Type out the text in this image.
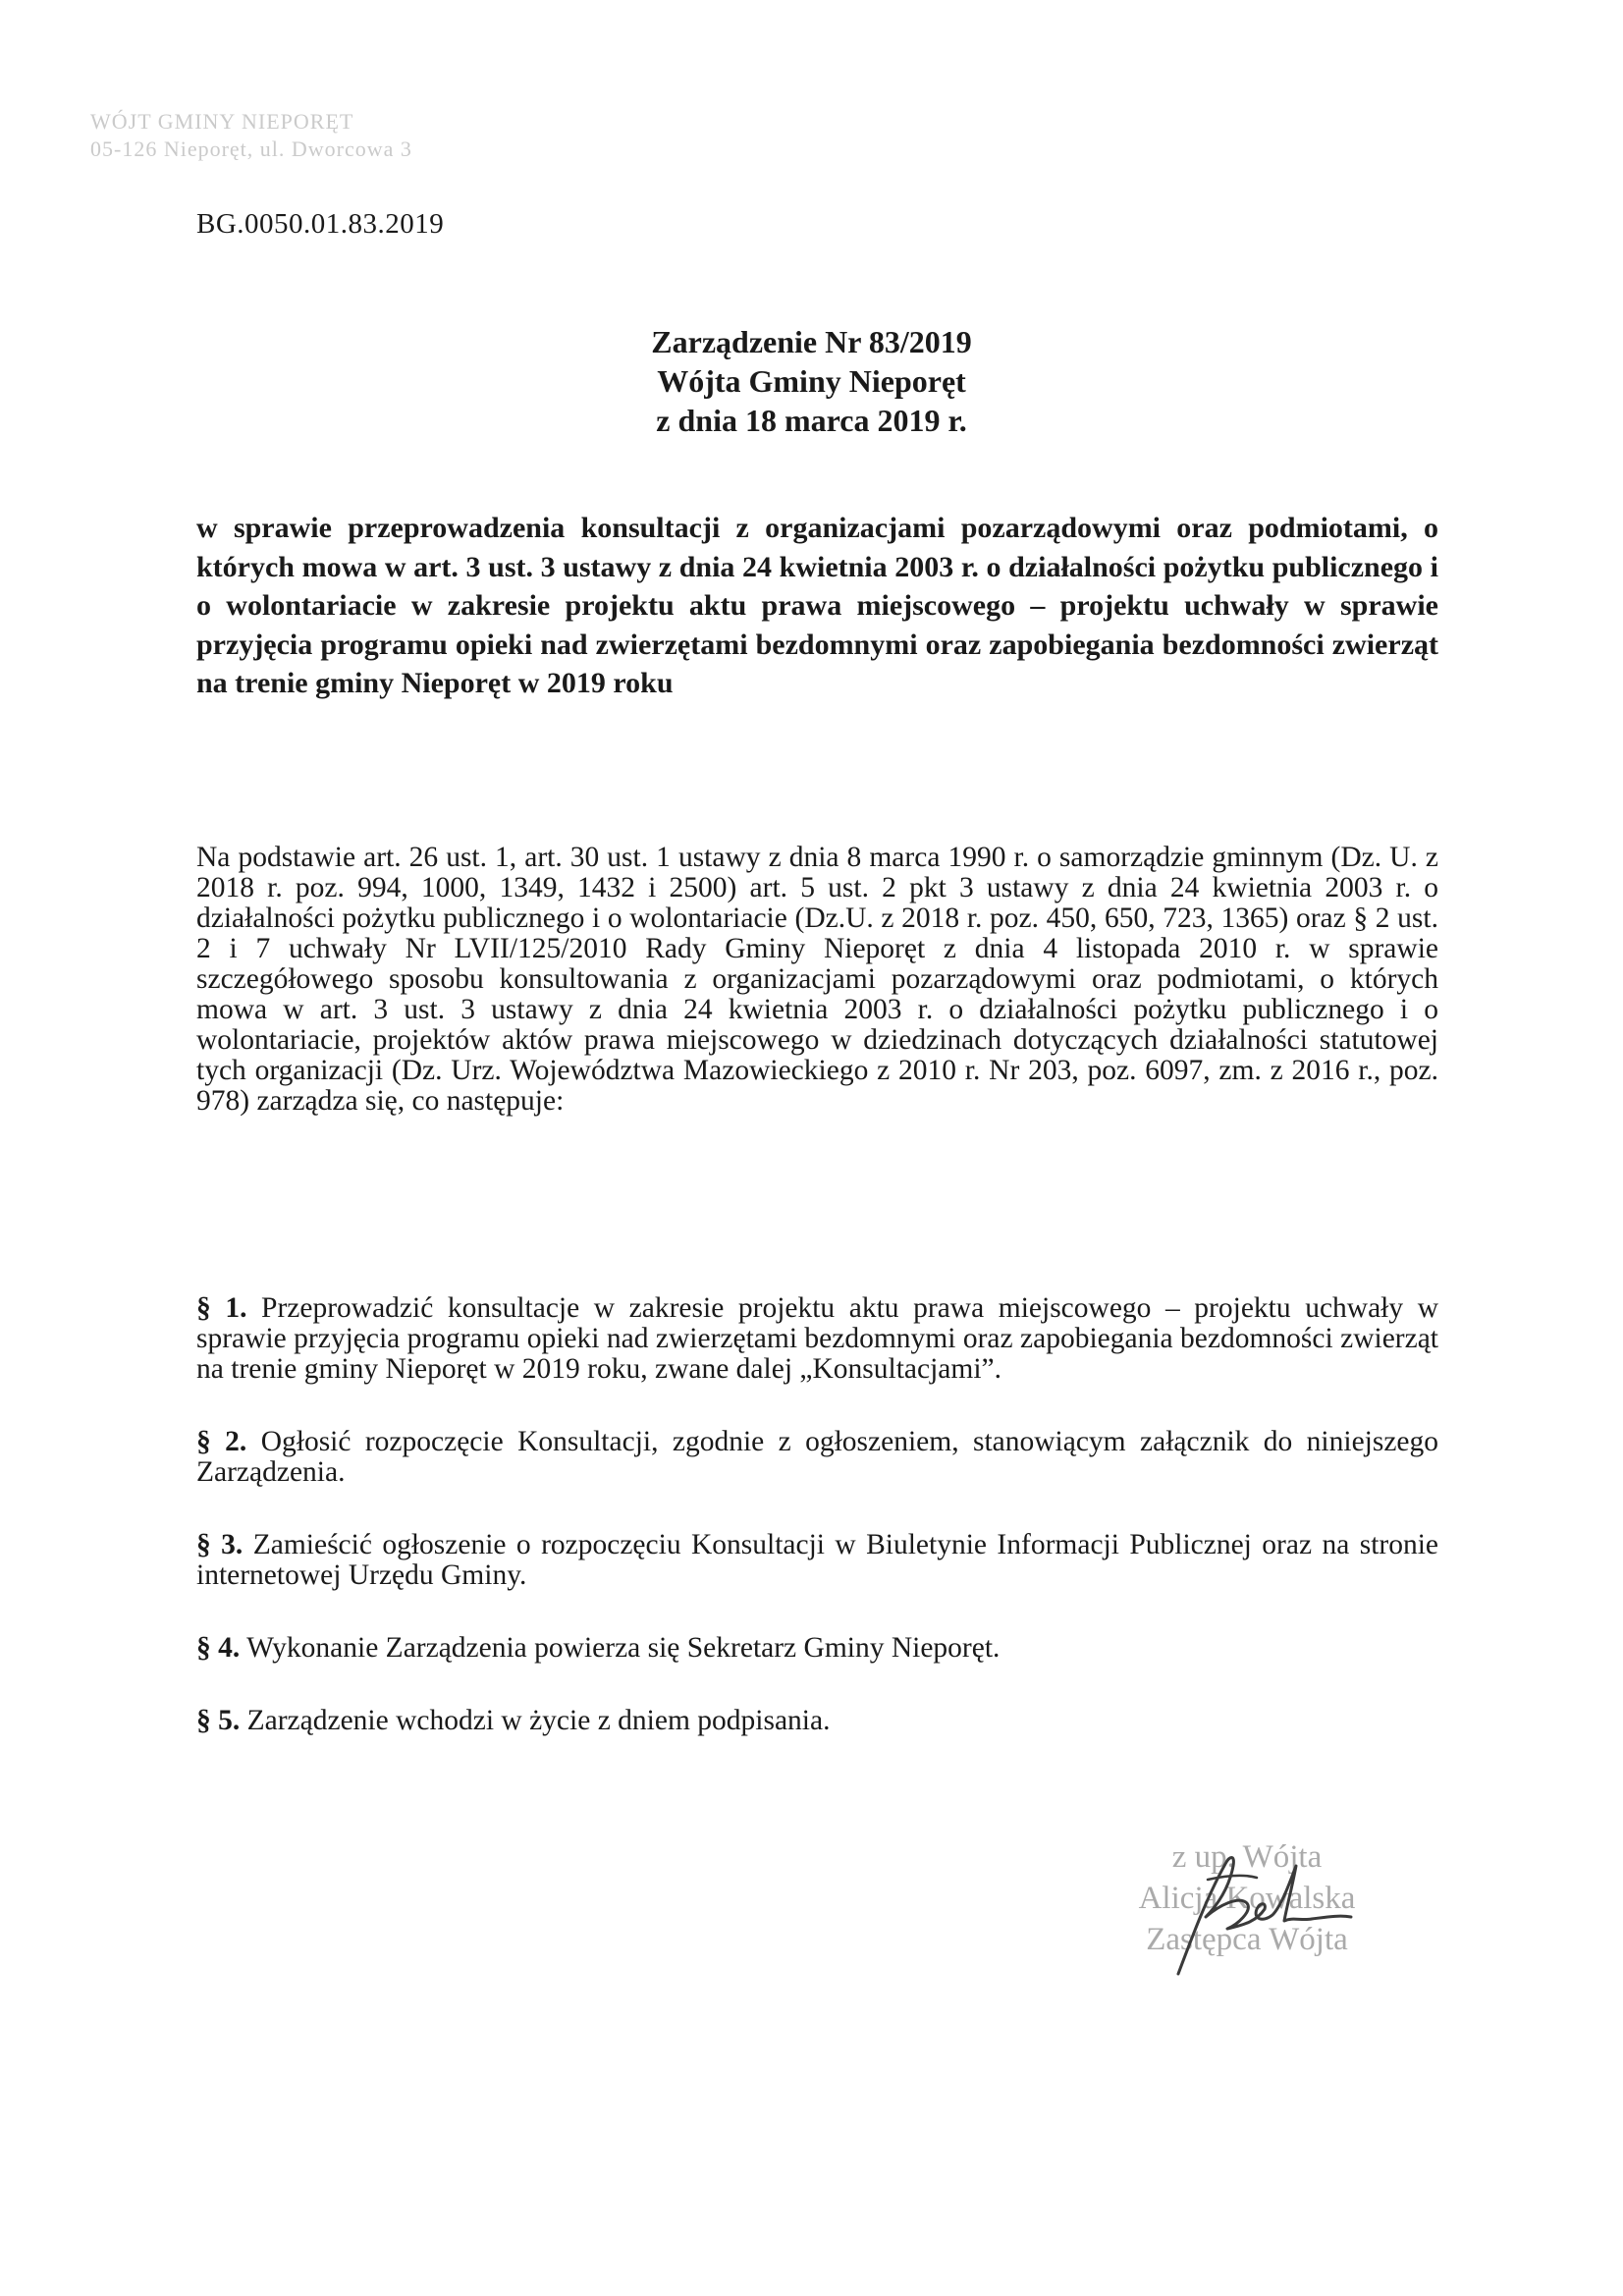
WÓJT GMINY NIEPORĘT
05-126 Nieporęt, ul. Dworcowa 3
BG.0050.01.83.2019
Zarządzenie Nr 83/2019
Wójta Gminy Nieporęt
z dnia 18 marca 2019 r.
w sprawie przeprowadzenia konsultacji z organizacjami pozarządowymi oraz podmiotami, o których mowa w art. 3 ust. 3 ustawy z dnia 24 kwietnia 2003 r. o działalności pożytku publicznego i o wolontariacie w zakresie projektu aktu prawa miejscowego – projektu uchwały w sprawie przyjęcia programu opieki nad zwierzętami bezdomnymi oraz zapobiegania bezdomności zwierząt na trenie gminy Nieporęt w 2019 roku
Na podstawie art. 26 ust. 1, art. 30 ust. 1 ustawy z dnia 8 marca 1990 r. o samorządzie gminnym (Dz. U. z 2018 r. poz. 994, 1000, 1349, 1432 i 2500) art. 5 ust. 2 pkt 3 ustawy z dnia 24 kwietnia 2003 r. o działalności pożytku publicznego i o wolontariacie (Dz.U. z 2018 r. poz. 450, 650, 723, 1365) oraz § 2 ust. 2 i 7 uchwały Nr LVII/125/2010 Rady Gminy Nieporęt z dnia 4 listopada 2010 r. w sprawie szczegółowego sposobu konsultowania z organizacjami pozarządowymi oraz podmiotami, o których mowa w art. 3 ust. 3 ustawy z dnia 24 kwietnia 2003 r. o działalności pożytku publicznego i o wolontariacie, projektów aktów prawa miejscowego w dziedzinach dotyczących działalności statutowej tych organizacji (Dz. Urz. Województwa Mazowieckiego z 2010 r. Nr 203, poz. 6097, zm. z 2016 r., poz. 978) zarządza się, co następuje:

§ 1. Przeprowadzić konsultacje w zakresie projektu aktu prawa miejscowego – projektu uchwały w sprawie przyjęcia programu opieki nad zwierzętami bezdomnymi oraz zapobiegania bezdomności zwierząt na trenie gminy Nieporęt w 2019 roku, zwane dalej „Konsultacjami”.

§ 2. Ogłosić rozpoczęcie Konsultacji, zgodnie z ogłoszeniem, stanowiącym załącznik do niniejszego Zarządzenia.

§ 3. Zamieścić ogłoszenie o rozpoczęciu Konsultacji w Biuletynie Informacji Publicznej oraz na stronie internetowej Urzędu Gminy.

§ 4. Wykonanie Zarządzenia powierza się Sekretarz Gminy Nieporęt.

§ 5. Zarządzenie wchodzi w życie z dniem podpisania.

z up. Wójta
Alicja Kowalska
Zastępca Wójta
